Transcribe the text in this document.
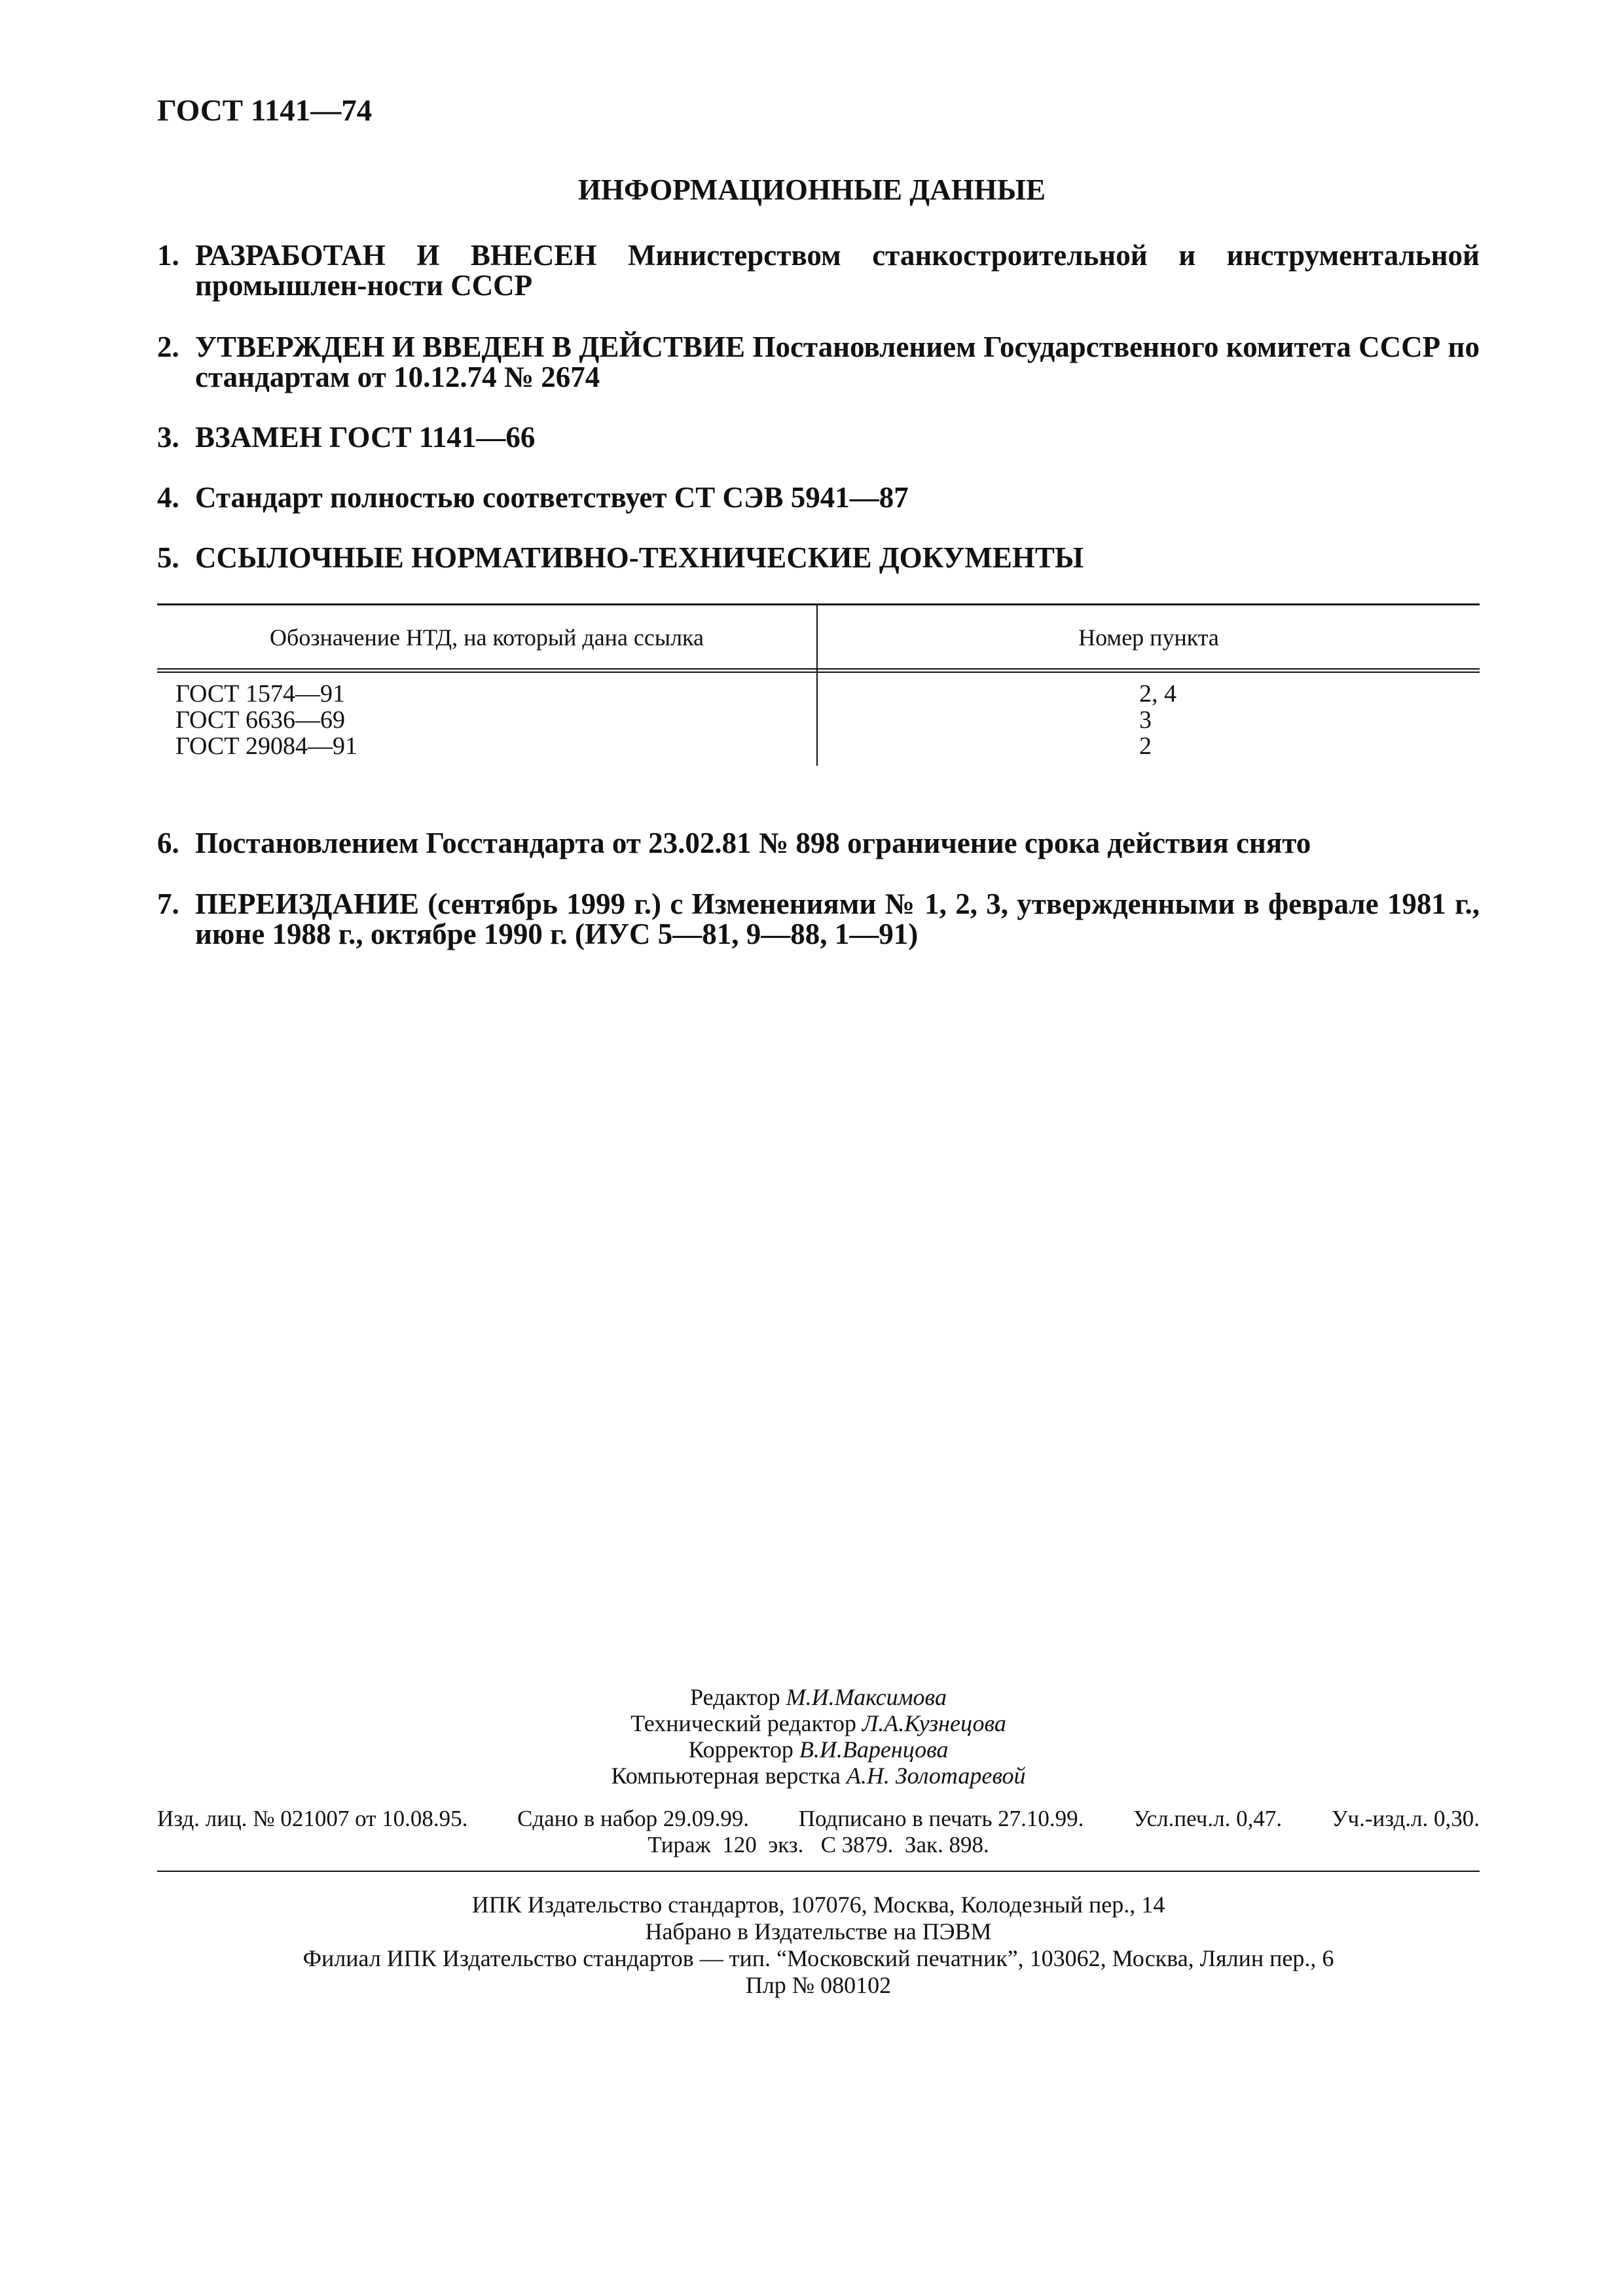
ГОСТ 1141—74
ИНФОРМАЦИОННЫЕ ДАННЫЕ
1. РАЗРАБОТАН И ВНЕСЕН Министерством станкостроительной и инструментальной промышлен-ности СССР
2. УТВЕРЖДЕН И ВВЕДЕН В ДЕЙСТВИЕ Постановлением Государственного комитета СССР по стандартам от 10.12.74 № 2674
3. ВЗАМЕН ГОСТ 1141—66
4. Стандарт полностью соответствует СТ СЭВ 5941—87
5. ССЫЛОЧНЫЕ НОРМАТИВНО-ТЕХНИЧЕСКИЕ ДОКУМЕНТЫ
6. Постановлением Госстандарта от 23.02.81 № 898 ограничение срока действия снято
7. ПЕРЕИЗДАНИЕ (сентябрь 1999 г.) с Изменениями № 1, 2, 3, утвержденными в феврале 1981 г., июне 1988 г., октябре 1990 г. (ИУС 5—81, 9—88, 1—91)
Обозначение НТД, на который дана ссылка	Номер пункта
ГОСТ 1574—91
ГОСТ 6636—69
ГОСТ 29084—91
2, 4
3
2
Редактор М.И.Максимова
Технический редактор Л.А.Кузнецова
Корректор В.И.Варенцова
Компьютерная верстка А.Н. Золотаревой
Изд. лиц. № 021007 от 10.08.95. Сдано в набор 29.09.99. Подписано в печать 27.10.99. Усл.печ.л. 0,47. Уч.-изд.л. 0,30.
Тираж  120  экз.   С 3879.  Зак. 898.
ИПК Издательство стандартов, 107076, Москва, Колодезный пер., 14
Набрано в Издательстве на ПЭВМ
Филиал ИПК Издательство стандартов — тип. “Московский печатник”, 103062, Москва, Лялин пер., 6
Плр № 080102
